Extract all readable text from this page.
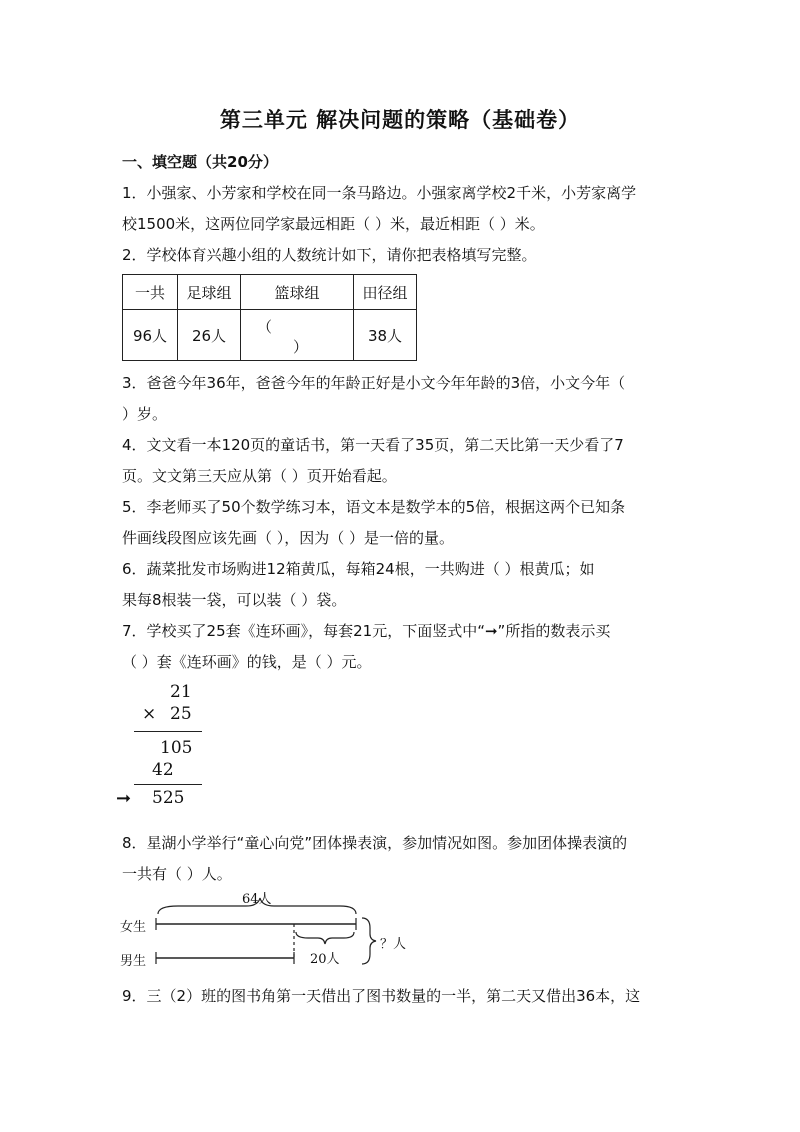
第三单元 解决问题的策略（基础卷）
一、填空题（共20分）
1．小强家、小芳家和学校在同一条马路边。小强家离学校2千米，小芳家离学
校1500米，这两位同学家最远相距（ ）米，最近相距（ ）米。
2．学校体育兴趣小组的人数统计如下，请你把表格填写完整。
一共	足球组	篮球组	田径组
96人	26人	（
）	38人
3．爸爸今年36年，爸爸今年的年龄正好是小文今年年龄的3倍，小文今年（
）岁。
4．文文看一本120页的童话书，第一天看了35页，第二天比第一天少看了7
页。文文第三天应从第（ ）页开始看起。
5．李老师买了50个数学练习本，语文本是数学本的5倍，根据这两个已知条
件画线段图应该先画（ ），因为（ ）是一倍的量。
6．蔬菜批发市场购进12箱黄瓜，每箱24根，一共购进（ ）根黄瓜；如
果每8根装一袋，可以装（ ）袋。
7．学校买了25套《连环画》，每套21元，下面竖式中“➞”所指的数表示买
（ ）套《连环画》的钱，是（ ）元。
21
× 25
105
42
➞ 525
8．星湖小学举行“童心向党”团体操表演，参加情况如图。参加团体操表演的
一共有（ ）人。
64人
女生
男生	20人
？人
9．三（2）班的图书角第一天借出了图书数量的一半，第二天又借出36本，这
